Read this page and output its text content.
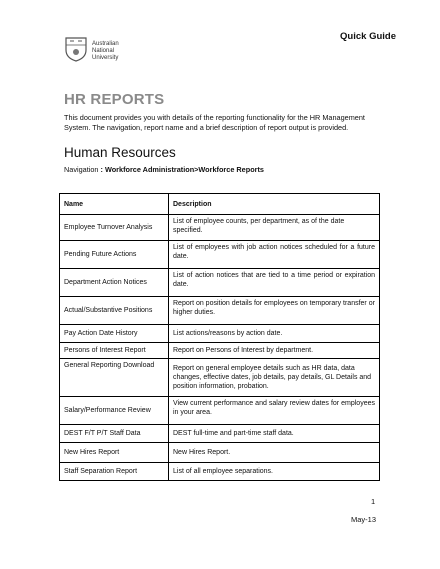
Australian
National
University
Quick Guide
HR REPORTS
This document provides you with details of the reporting functionality for the HR Management System. The navigation, report name and a brief description of report output is provided.
Human Resources
Navigation : Workforce Administration>Workforce Reports
Name	Description
Employee Turnover Analysis	List of employee counts, per department, as of the date specified.
Pending Future Actions	List of employees with job action notices scheduled for a future date.
Department Action Notices	List of action notices that are tied to a time period or expiration date.
Actual/Substantive Positions	Report on position details for employees on temporary transfer or higher duties.
Pay Action Date History	List actions/reasons by action date.
Persons of Interest Report	Report on Persons of Interest by department.
General Reporting Download	Report on general employee details such as HR data, data changes, effective dates, job details, pay details, GL Details and position information, probation.
Salary/Performance Review	View current performance and salary review dates for employees in your area.
DEST F/T P/T Staff Data	DEST full-time and part-time staff data.
New Hires Report	New Hires Report.
Staff Separation Report	List of all employee separations.
1
May-13
